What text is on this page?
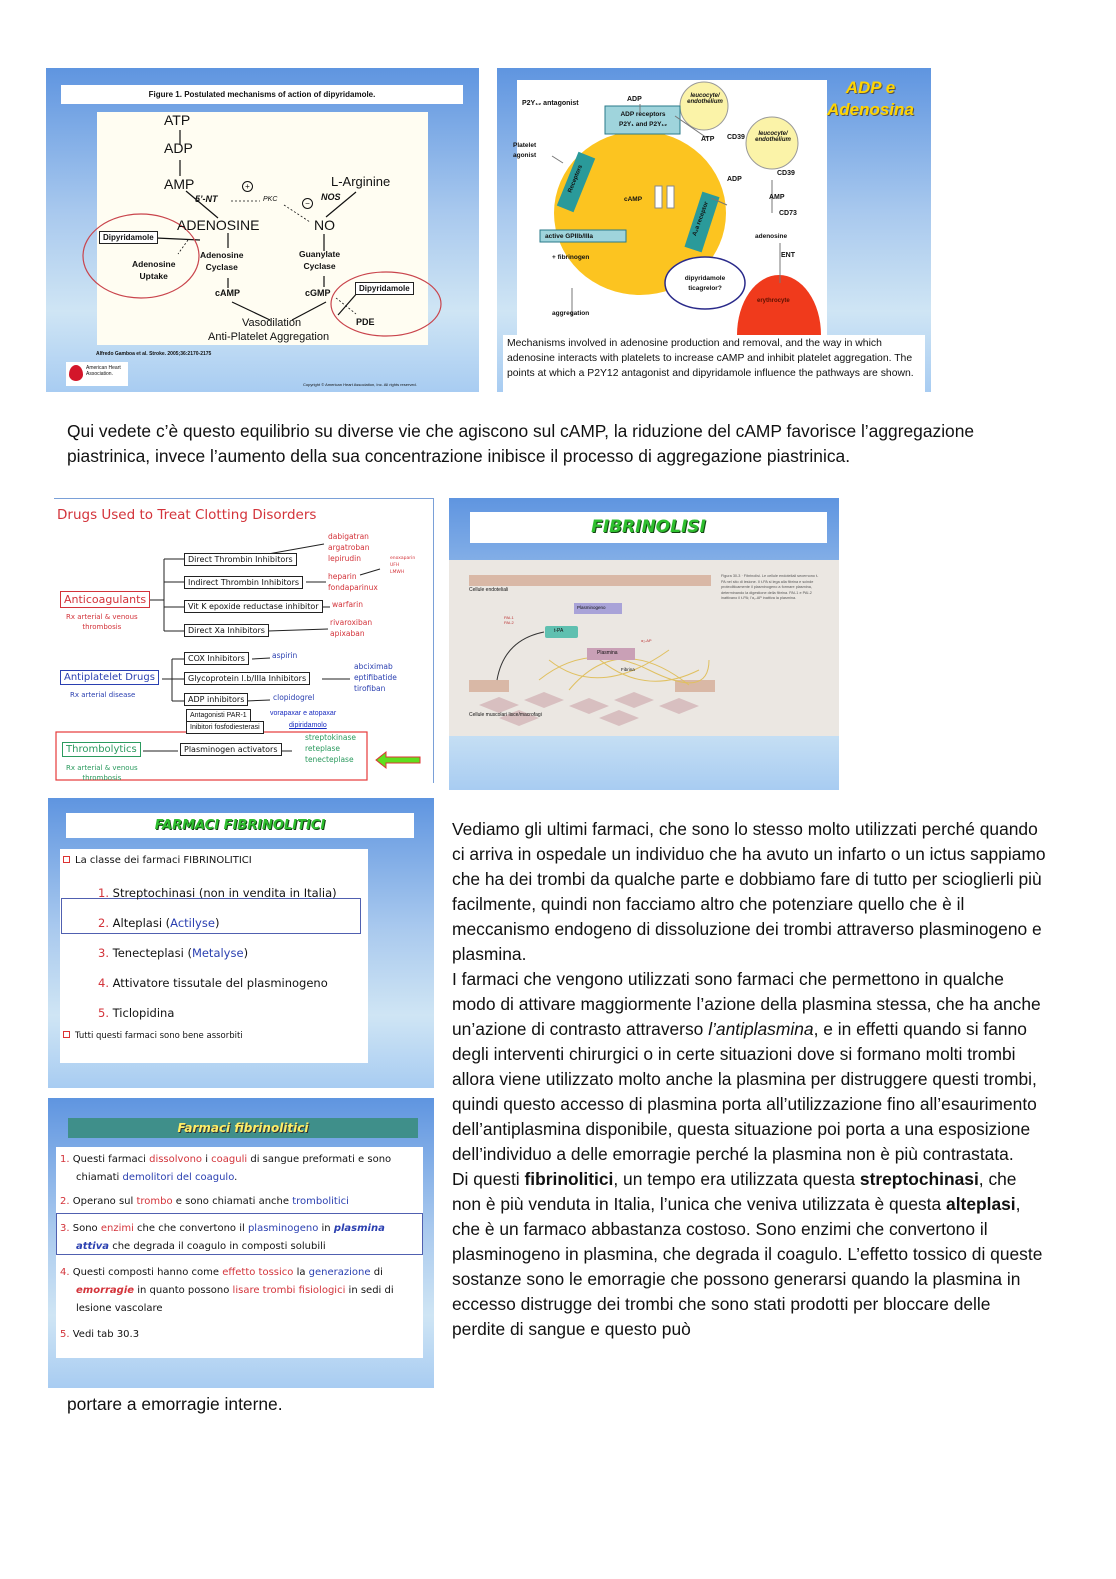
Figure 1. Postulated mechanisms of action of dipyridamole.
ATP
ADP
AMP
5’-NT	PKC
+
−
L-Arginine
NOS
ADENOSINE	NO
Dipyridamole
Adenosine
Uptake
Adenosine
Cyclase
Guanylate
Cyclase
cAMP	cGMP	Dipyridamole
PDE
Vasodilation
Anti-Platelet Aggregation
Alfredo Gamboa et al. Stroke. 2005;36:2170-2175
American Heart Association.
Copyright © American Heart Association, Inc. All rights reserved.
ADP e
Adenosina
P2Y₁₂ antagonist
ADP	leucocyte/ endothelium
ADP receptors
P2Y₁ and P2Y₁₂
Platelet
agonist
Receptors
cAMP
A₂a receptor
ATP CD39	leucocyte/ endothelium
ADP
CD39
AMP
CD73
adenosine
ENT
active GPIIb/IIIa
+ fibrinogen
aggregation
dipyridamole
ticagrelor?
erythrocyte
Mechanisms involved in adenosine production and removal, and the way in which adenosine interacts with platelets to increase cAMP and inhibit platelet aggregation. The points at which a P2Y12 antagonist and dipyridamole influence the pathways are shown.
Qui vedete c’è questo equilibrio su diverse vie che agiscono sul cAMP, la riduzione del cAMP favorisce l’aggregazione piastrinica, invece l’aumento della sua concentrazione inibisce il processo di aggregazione piastrinica.
Drugs Used to Treat Clotting Disorders
Anticoagulants
Rx arterial & venous
thrombosis
Direct Thrombin Inhibitors
Indirect Thrombin Inhibitors
Vit K epoxide reductase inhibitor
Direct Xa Inhibitors
dabigatran
argatroban
lepirudin	enoxaparin
UFH
LMWH
heparin
fondaparinux
warfarin
rivaroxiban
apixaban
Antiplatelet Drugs
Rx arterial disease
COX Inhibitors	aspirin
Glycoprotein I.b/IIIa Inhibitors
abciximab
eptifibatide
tirofiban
ADP inhibitors	clopidogrel
Antagonisti PAR-1	vorapaxar e atopaxar
Inibitori fosfodiesterasi	dipiridamolo
Thrombolytics
Rx arterial & venous
thrombosis
Plasminogen activators
streptokinase
reteplase
tenecteplase
FIBRINOLISI
Cellule endoteliali
Cellule muscolari lisce/macrofagi
t-PA
Plasminogeno
Plasmina
Fibrina
PAI-1 PAI-2
α₂-AP
Figura 30-3 · Fibrinolisi. Le cellule endoteliali secernono t-PA nel sito di lesione. Il t-PA si lega alla fibrina e scinde proteoliticamente il plasminogeno a formare plasmina, determinando la digestione della fibrina. PAI-1 e PAI-2 inattivano il t-PA; l'α₂-AP inattiva la plasmina.
FARMACI FIBRINOLITICI
La classe dei farmaci FIBRINOLITICI
1. Streptochinasi (non in vendita in Italia)
2. Alteplasi (Actilyse)
3. Tenecteplasi (Metalyse)
4. Attivatore tissutale del plasminogeno
5. Ticlopidina
Tutti questi farmaci sono bene assorbiti
Farmaci fibrinolitici
1. Questi farmaci dissolvono i coaguli di sangue preformati e sono chiamati demolitori del coagulo.
2. Operano sul trombo e sono chiamati anche trombolitici
3. Sono enzimi che che convertono il plasminogeno in plasmina attiva che degrada il coagulo in composti solubili
4. Questi composti hanno come effetto tossico la generazione di emorragie in quanto possono lisare trombi fisiologici in sedi di lesione vascolare
5. Vedi tab 30.3

Vediamo gli ultimi farmaci, che sono lo stesso molto utilizzati perché quando ci arriva in ospedale un individuo che ha avuto un infarto o un ictus sappiamo che ha dei trombi da qualche parte e dobbiamo fare di tutto per scioglierli più facilmente, quindi non facciamo altro che potenziare quello che è il meccanismo endogeno di dissoluzione dei trombi attraverso plasminogeno e plasmina.

I farmaci che vengono utilizzati sono farmaci che permettono in qualche modo di attivare maggiormente l’azione della plasmina stessa, che ha anche un’azione di contrasto attraverso l’antiplasmina, e in effetti quando si fanno degli interventi chirurgici o in certe situazioni dove si formano molti trombi allora viene utilizzato molto anche la plasmina per distruggere questi trombi, quindi questo accesso di plasmina porta all’utilizzazione fino all’esaurimento dell’antiplasmina disponibile, questa situazione poi porta a una esposizione dell’individuo a delle emorragie perché la plasmina non è più contrastata.

Di questi fibrinolitici, un tempo era utilizzata questa streptochinasi, che non è più venduta in Italia, l’unica che veniva utilizzata è questa alteplasi, che è un farmaco abbastanza costoso. Sono enzimi che convertono il plasminogeno in plasmina, che degrada il coagulo. L’effetto tossico di queste sostanze sono le emorragie che possono generarsi quando la plasmina in eccesso distrugge dei trombi che sono stati prodotti per bloccare delle perdite di sangue e questo può

portare a emorragie interne.
